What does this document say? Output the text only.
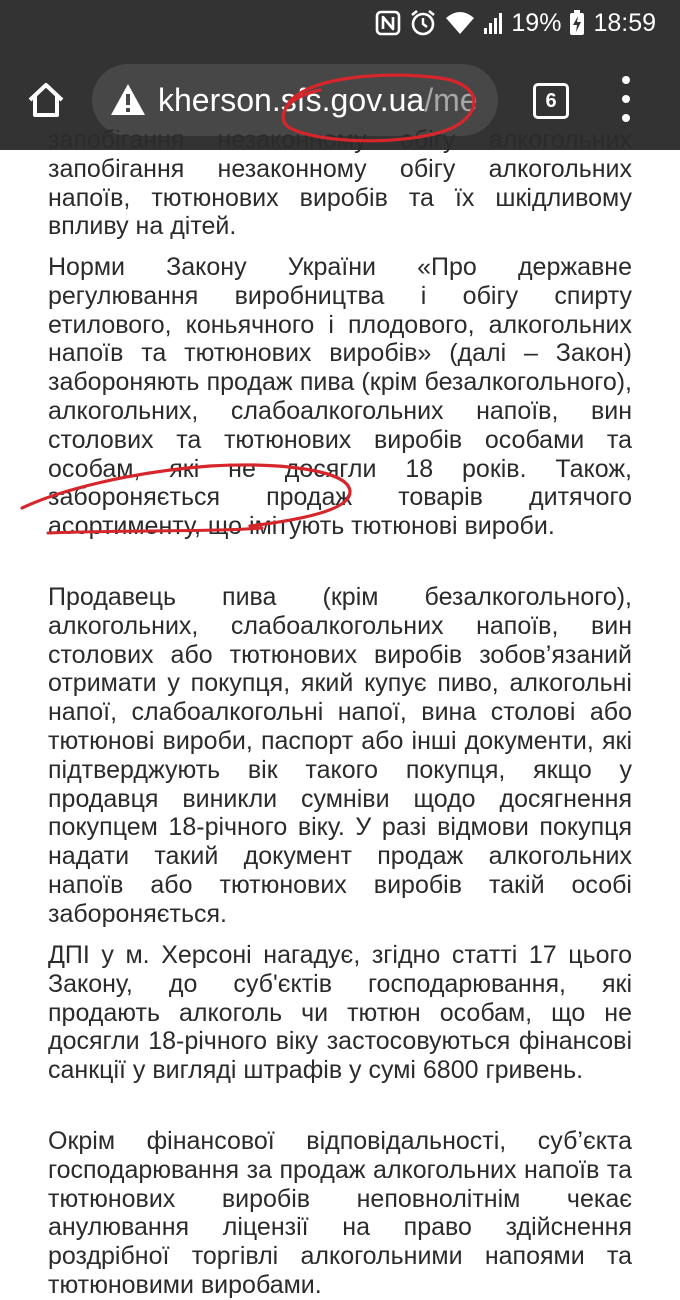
19% 18:59
kherson.sfs.gov.ua/me	6

запобігання незаконному обігу алкогольних запобігання незаконному обігу алкогольних напоїв, тютюнових виробів та їх шкідливому впливу на дітей.

Норми Закону України «Про державне регулювання виробництва і обігу спирту етилового, коньячного і плодового, алкогольних напоїв та тютюнових виробів» (далі – Закон) забороняють продаж пива (крім безалкогольного), алкогольних, слабоалкогольних напоїв, вин столових та тютюнових виробів особами та особам, які не досягли 18 років. Також, забороняється продаж товарів дитячого асортименту, що імітують тютюнові вироби.

Продавець пива (крім безалкогольного), алкогольних, слабоалкогольних напоїв, вин столових або тютюнових виробів зобов’язаний отримати у покупця, який купує пиво, алкогольні напої, слабоалкогольні напої, вина столові або тютюнові вироби, паспорт або інші документи, які підтверджують вік такого покупця, якщо у продавця виникли сумніви щодо досягнення покупцем 18-річного віку. У разі відмови покупця надати такий документ продаж алкогольних напоїв або тютюнових виробів такій особі забороняється.

ДПІ у м. Херсоні нагадує, згідно статті 17 цього Закону, до суб'єктів господарювання, які продають алкоголь чи тютюн особам, що не досягли 18-річного віку застосовуються фінансові санкції у вигляді штрафів у сумі 6800 гривень.

Окрім фінансової відповідальності, суб’єкта господарювання за продаж алкогольних напоїв та тютюнових виробів неповнолітнім чекає анулювання ліцензії на право здійснення роздрібної торгівлі алкогольними напоями та тютюновими виробами.
